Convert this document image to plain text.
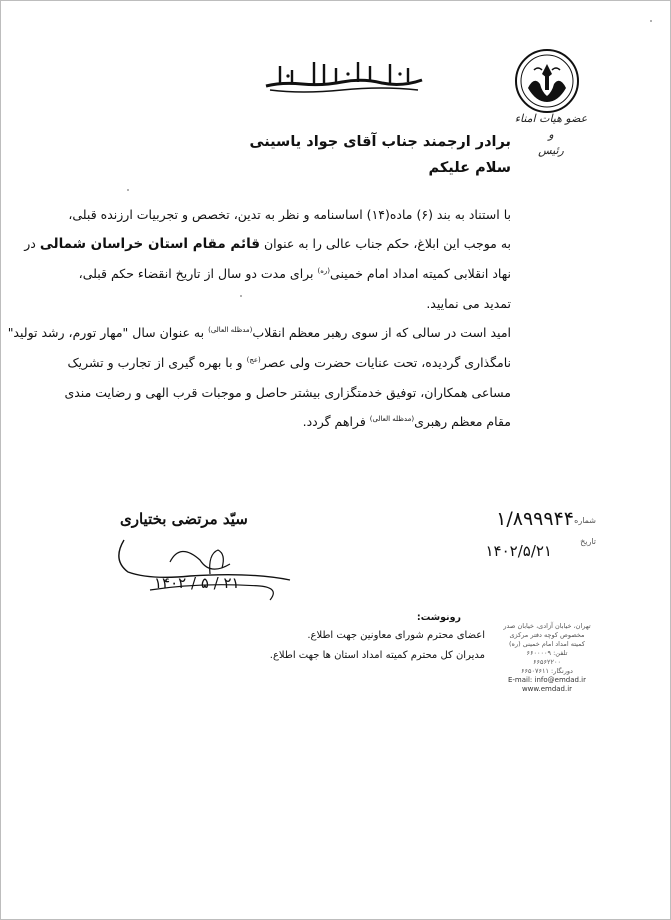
عضو هیات امناء
و
رئیس
برادر ارجمند جناب آقای جواد یاسینی
سلام علیکم
با استناد به بند (۶) ماده(۱۴) اساسنامه و نظر به تدین، تخصص و تجربیات ارزنده قبلی،
به موجب این ابلاغ، حکم جناب عالی را به عنوان قائم مقام استان خراسان شمالی در
نهاد انقلابی کمیته امداد امام خمینی$^{(ره)}$ برای مدت دو سال از تاریخ انقضاء حکم قبلی،
تمدید می نمایید.
امید است در سالی که از سوی رهبر معظم انقلاب$^{(مدظله العالی)}$ به عنوان سال "مهار تورم، رشد تولید"
نامگذاری گردیده، تحت عنایات حضرت ولی عصر$^{(عج)}$ و با بهره گیری از تجارب و تشریک
مساعی همکاران، توفیق خدمتگزاری بیشتر حاصل و موجبات قرب الهی و رضایت مندی
مقام معظم رهبری$^{(مدظله العالی)}$ فراهم گردد.
شماره
۱/۸۹۹۹۴۴
تاریخ
۱۴۰۲/۵/۲۱
سیّد مرتضی بختیاری
۱۴۰۲ / ۵ / ۲۱
رونوشت:
اعضای محترم شورای معاونین جهت اطلاع.
مدیران کل محترم کمیته امداد استان ها جهت اطلاع.
تهران، خیابان آزادی، خیابان صدر
مخصوص کوچه دفتر مرکزی
کمیته امداد امام خمینی (ره)
تلفن: ۶۶۰۰۰۰۹
۶۶۵۶۲۲۰۰
دورنگار: ۶۶۵۰۷۶۱۱
E-mail: info@emdad.ir
www.emdad.ir
